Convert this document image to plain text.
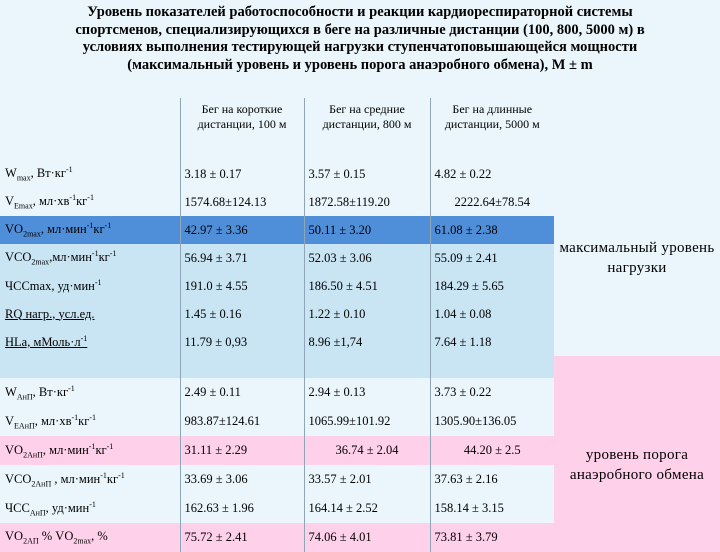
Уровень показателей работоспособности и реакции кардиореспираторной системы
спортсменов, специализирующихся в беге на различные дистанции (100, 800, 5000 м) в
условиях выполнения тестирующей нагрузки ступенчатоповышающейся мощности
(максимальный уровень и уровень порога анаэробного обмена), М ± m
	Бег на короткие дистанции, 100 м	Бег на средние дистанции, 800 м	Бег на длинные дистанции, 5000 м	
$W_{max}$, $Вт\cdot кг^{-1}$	3.18 ± 0.17	3.57 ± 0.15	4.82 ± 0.22	максимальный уровень нагрузки
$V_{Emax}$, $мл\cdot хв^{-1}кг^{-1}$	1574.68±124.13	1872.58±119.20	2222.64±78.54	
$VO_{2max}$, $мл\cdot мин^{-1}кг^{-1}$	42.97 ± 3.36	50.11 ± 3.20	61.08 ± 2.38	
$VCO_{2max},мл\cdot мин^{-1}кг^{-1}$	56.94 ± 3.71	52.03 ± 3.06	55.09 ± 2.41	
ЧССmax, уд·мин$^{-1}$	191.0 ± 4.55	186.50 ± 4.51	184.29 ± 5.65	
RQ нагр., усл.ед.	1.45 ± 0.16	1.22 ± 0.10	1.04 ± 0.08	
HLa, $мМоль\cdot л^{-1}$	11.79 ± 0,93	8.96 ±1,74	7.64 ± 1.18	

$W_{АнП}$, $Вт\cdot кг^{-1}$	2.49 ± 0.11	2.94 ± 0.13	3.73 ± 0.22	уровень порога анаэробного обмена
$V_{EАнП}$, $мл\cdot хв^{-1}кг^{-1}$	983.87±124.61	1065.99±101.92	1305.90±136.05	
$VO_{2АнП}$, $мл\cdot мин^{-1}кг^{-1}$	31.11 ± 2.29	36.74 ± 2.04	44.20 ± 2.5	
$VCO_{2АнП}$ , $мл\cdot мин^{-1}кг^{-1}$	33.69 ± 3.06	33.57 ± 2.01	37.63 ± 2.16	
$ЧСС_{АнП}$, уд·мин$^{-1}$	162.63 ± 1.96	164.14 ± 2.52	158.14 ± 3.15	
$VO_{2АП}$ % $VO_{2max}$, %	75.72 ± 2.41	74.06 ± 4.01	73.81 ± 3.79	
